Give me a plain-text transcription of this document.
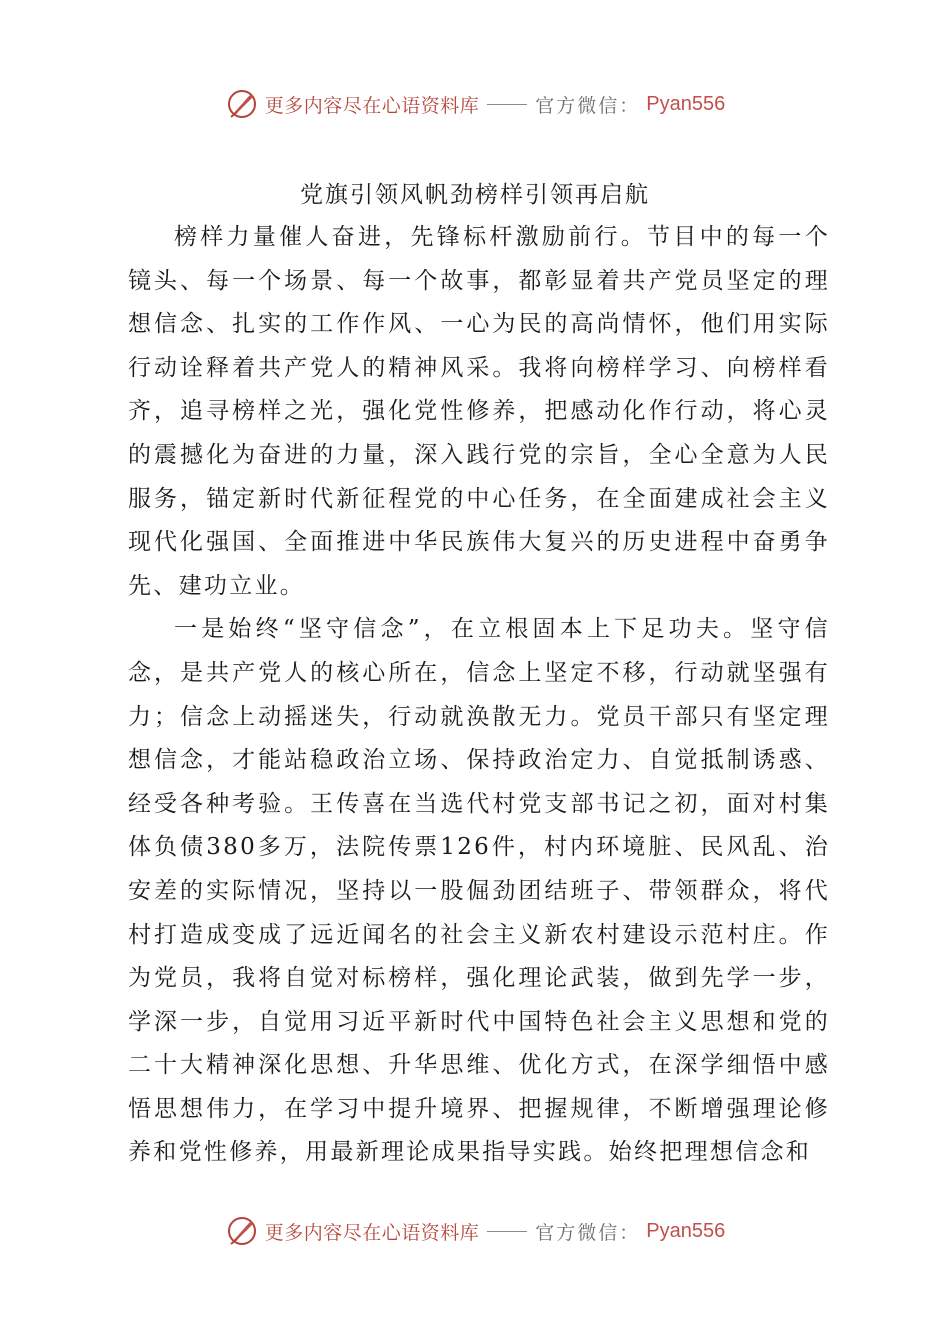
更多内容尽在心语资料库	官方微信： Pyan556
党旗引领风帆劲榜样引领再启航

榜样力量催人奋进，先锋标杆激励前行。节目中的每一个镜头、每一个场景、每一个故事，都彰显着共产党员坚定的理想信念、扎实的工作作风、一心为民的高尚情怀，他们用实际行动诠释着共产党人的精神风采。我将向榜样学习、向榜样看齐，追寻榜样之光，强化党性修养，把感动化作行动，将心灵的震撼化为奋进的力量，深入践行党的宗旨，全心全意为人民服务，锚定新时代新征程党的中心任务，在全面建成社会主义现代化强国、全面推进中华民族伟大复兴的历史进程中奋勇争先、建功立业。

一是始终“坚守信念”，在立根固本上下足功夫。坚守信念，是共产党人的核心所在，信念上坚定不移，行动就坚强有力；信念上动摇迷失，行动就涣散无力。党员干部只有坚定理想信念，才能站稳政治立场、保持政治定力、自觉抵制诱惑、经受各种考验。王传喜在当选代村党支部书记之初，面对村集体负债380多万，法院传票126件，村内环境脏、民风乱、治安差的实际情况，坚持以一股倔劲团结班子、带领群众，将代村打造成变成了远近闻名的社会主义新农村建设示范村庄。作为党员，我将自觉对标榜样，强化理论武装，做到先学一步，学深一步，自觉用习近平新时代中国特色社会主义思想和党的二十大精神深化思想、升华思维、优化方式，在深学细悟中感悟思想伟力，在学习中提升境界、把握规律，不断增强理论修养和党性修养，用最新理论成果指导实践。始终把理想信念和

更多内容尽在心语资料库	官方微信： Pyan556
